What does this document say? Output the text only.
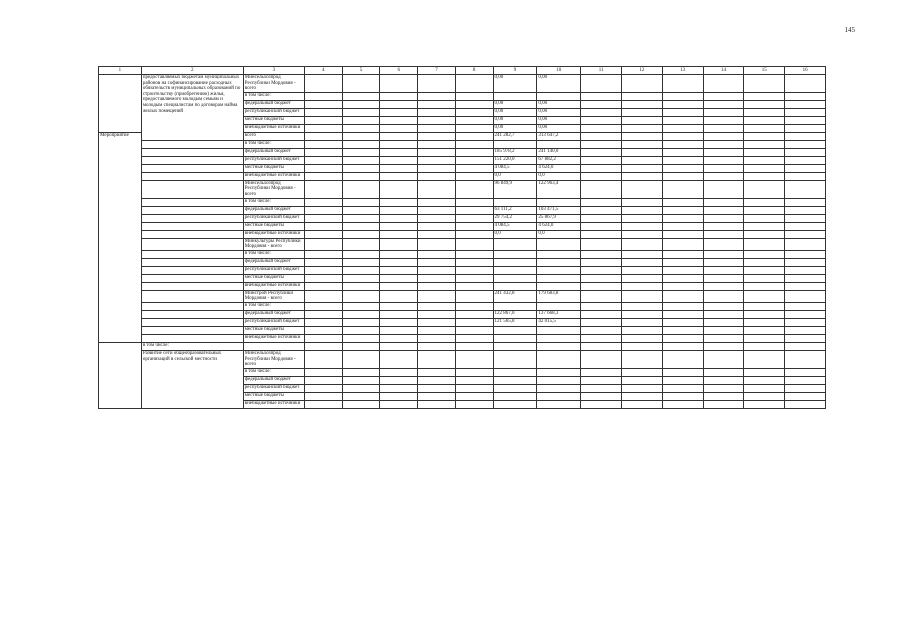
145
1	2	3	4	5	6	7	8	9	10	11	12	13	14	15	16
	предоставляемых бюджетам муниципальных районов на софинансирование расходных обязательств муниципальных образований по строительству (приобретению) жилья, предоставляемого молодым семьям и молодым специалистам по договорам найма жилых помещений	Минсельхозпрод Республики Мордовия - всего						0,00	0,00						
		в том числе:													
		федеральный бюджет						0,00	0,00						
		республиканский бюджет						0,00	0,00						
		местные бюджеты						0,00	0,00						
		внебюджетные источники						0,00	0,00						
Мероприятие		всего						241 282,7	313 647,2						
		в том числе:													
		федеральный бюджет						185 978,2	241 140,0						
		республиканский бюджет						151 220,0	67 882,2						
		местные бюджеты						4 084,5	4 624,0						
		внебюджетные источники						0,0	0,0						
		Минсельхозпрод Республики Мордовия - всего						96 849,9	122 963,4						
		в том числе:													
		федеральный бюджет						63 111,2	103 471,5						
		республиканский бюджет						29 754,2	25 867,9						
		местные бюджеты						4 084,5	4 624,0						
		внебюджетные источники						0,0	0,0						
		Минкультуры Республики Мордовия - всего													
		в том числе:													
		федеральный бюджет													
		республиканский бюджет													
		местные бюджеты													
		внебюджетные источники													
		Минстрой Республики Мордовия - всего						241 432,8	179 683,8						
		в том числе:													
		федеральный бюджет						122 867,0	137 668,3						
		республиканский бюджет						121 565,8	42 015,5						
		местные бюджеты													
		внебюджетные источники													
	в том числе:														
	Развитие сети общеобразовательных организаций в сельской местности	Минсельхозпрод Республики Мордовия - всего													
		в том числе:													
		федеральный бюджет													
		республиканский бюджет													
		местные бюджеты													
		внебюджетные источники													
